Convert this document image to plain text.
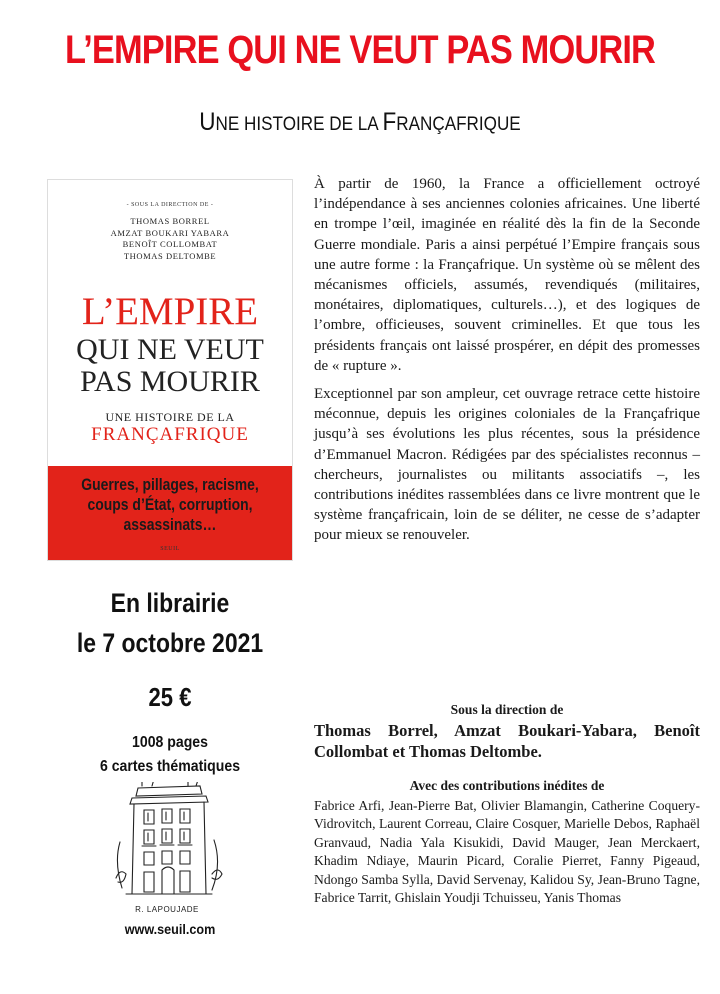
L’EMPIRE QUI NE VEUT PAS MOURIR
UNE HISTOIRE DE LA FRANÇAFRIQUE
- SOUS LA DIRECTION DE -
THOMAS BORREL
AMZAT BOUKARI YABARA
BENOÎT COLLOMBAT
THOMAS DELTOMBE
L’EMPIRE
QUI NE VEUT
PAS MOURIR
UNE HISTOIRE DE LA
FRANÇAFRIQUE
Guerres, pillages, racisme,
coups d’État, corruption,
assassinats…
SEUIL
En librairie
le 7 octobre 2021
25 €
1008 pages
6 cartes thématiques
R. LAPOUJADE
www.seuil.com

À partir de 1960, la France a officiellement octroyé l’indépendance à ses anciennes colonies africaines. Une liberté en trompe l’œil, imaginée en réalité dès la fin de la Seconde Guerre mondiale. Paris a ainsi perpétué l’Empire français sous une autre forme : la Françafrique. Un système où se mêlent des mécanismes officiels, assumés, revendiqués (militaires, monétaires, diplomatiques, culturels…), et des logiques de l’ombre, officieuses, souvent criminelles. Et que tous les présidents français ont laissé prospérer, en dépit des promesses de « rupture ».

Exceptionnel par son ampleur, cet ouvrage retrace cette histoire méconnue, depuis les origines coloniales de la Françafrique jusqu’à ses évolutions les plus récentes, sous la présidence d’Emmanuel Macron. Rédigées par des spécialistes reconnus – chercheurs, journalistes ou militants associatifs –, les contributions inédites rassemblées dans ce livre montrent que le système françafricain, loin de se déliter, ne cesse de s’adapter pour mieux se renouveler.

Sous la direction de
Thomas Borrel, Amzat Boukari-Yabara, Benoît Collombat et Thomas Deltombe.
Avec des contributions inédites de
Fabrice Arfi, Jean-Pierre Bat, Olivier Blamangin, Catherine Coquery-Vidrovitch, Laurent Correau, Claire Cosquer, Marielle Debos, Raphaël Granvaud, Nadia Yala Kisukidi, David Mauger, Jean Merckaert, Khadim Ndiaye, Maurin Picard, Coralie Pierret, Fanny Pigeaud, Ndongo Samba Sylla, David Servenay, Kalidou Sy, Jean-Bruno Tagne, Fabrice Tarrit, Ghislain Youdji Tchuisseu, Yanis Thomas
